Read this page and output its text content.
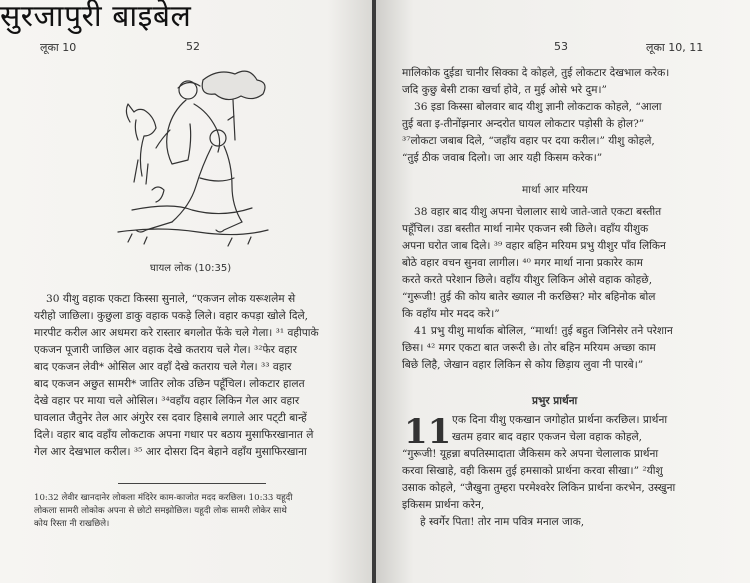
सुरजापुरी बाइबेल
लूका 10	52
घायल लोक (10:35)

30 यीशु वहाक एकटा किस्सा सुनाले, “एकजन लोक यरूशलेम से

यरीहो जाछिला। कुछुला डाकु वहाक पकड़े लिले। वहार कपड़ा खोले दिले,

मारपीट करील आर अधमरा करे रास्तार बगलोत फेंके चले गेला। ³¹ वहीपाके

एकजन पूजारी जाछिल आर वहाक देखे कतराय चले गेल। ³²फेर वहार

बाद एकजन लेवी* ओसिल आर वहाँ देखे कतराय चले गेल। ³³ वहार

बाद एकजन अछुत सामरी* जातिर लोक उछिन पहूँचिल। लोकटार हालत

देखे वहार पर माया चले ओसिल। ³⁴वहाँय वहार लिकिन गेल आर वहार

घावलात जैतुनेर तेल आर अंगुरेर रस दवार हिसाबे लगाले आर पट्‌टी बान्हें

दिले। वहार बाद वहाँय लोकटाक अपना गधार पर बठाय मुसाफिरखानात ले

गेल आर देखभाल करील। ³⁵ आर दोसरा दिन बेहाने वहाँय मुसाफिरखाना

10:32 लेवीर खानदानेर लोकला मंदिरेर काम-काजोत मदद करछिल। 10:33 यहूदी
लोकला सामरी लोकोक अपना से छोटो समझोछिल। यहूदी लोक सामरी लोकेर साथे
कोय रिस्ता नी राखछिले।
53	लूका 10, 11

मालिकोक दुईडा चानीर सिक्का दे कोहले, तुई लोकटार देखभाल करेक।

जदि कुछु बेसी टाका खर्चा होवे, त मुई ओसे भरे दुम।”

36 इडा किस्सा बोलवार बाद यीशु ज्ञानी लोकटाक कोहले, “आला

तुई बता इ-तीनोंझनार अन्दरोत घायल लोकटार पड़ोसी के होल?”

³⁷लोकटा जबाब दिले, “जहाँय वहार पर दया करील।” यीशु कोहले,

“तुई ठीक जवाब दिलो। जा आर यही किसम करेक।”

मार्था आर मरियम

38 वहार बाद यीशु अपना चेलालार साथे जाते-जाते एकटा बस्तीत

पहूँचिल। उडा बस्तीत मार्था नामेर एकजन स्त्री छिले। वहाँय यीशुक

अपना घरोत जाब दिले। ³⁹ वहार बहिन मरियम प्रभु यीशुर पाँव लिकिन

बोठे वहार वचन सुनवा लागील। ⁴⁰ मगर मार्था नाना प्रकारेर काम

करते करते परेशान छिले। वहाँय यीशुर लिकिन ओसे वहाक कोहछे,

“गुरूजी! तुई की कोय बातेर ख्याल नी करछिस? मोर बहिनोक बोल

कि वहाँय मोर मदद करे।”

41 प्रभु यीशु मार्थाक बोलिल, “मार्था! तुई बहुत जिनिसेर तने परेशान

छिस। ⁴² मगर एकटा बात जरूरी छे। तोर बहिन मरियम अच्छा काम

बिछे लिहै, जेखान वहार लिकिन से कोय छिड़ाय लुवा नी पारबे।”

प्रभुर प्रार्थना
11 एक दिना यीशु एकखान जगोहोत प्रार्थना करछिल। प्रार्थना

खतम हवार बाद वहार एकजन चेला वहाक कोहले,

“गुरूजी! यूहन्ना बपतिस्मादाता जैकिसम करे अपना चेलालाक प्रार्थना

करवा सिखाहे, वही किसम तुई हमसाको प्रार्थना करवा सीखा।” ²यीशु

उसाक कोहले, “जैखुना तुम्हरा परमेश्वरेर लिकिन प्रार्थना करभेन, उस्खुना

इकिसम प्रार्थना करेन,

हे स्वर्गेर पिता! तोर नाम पवित्र मनाल जाक,
